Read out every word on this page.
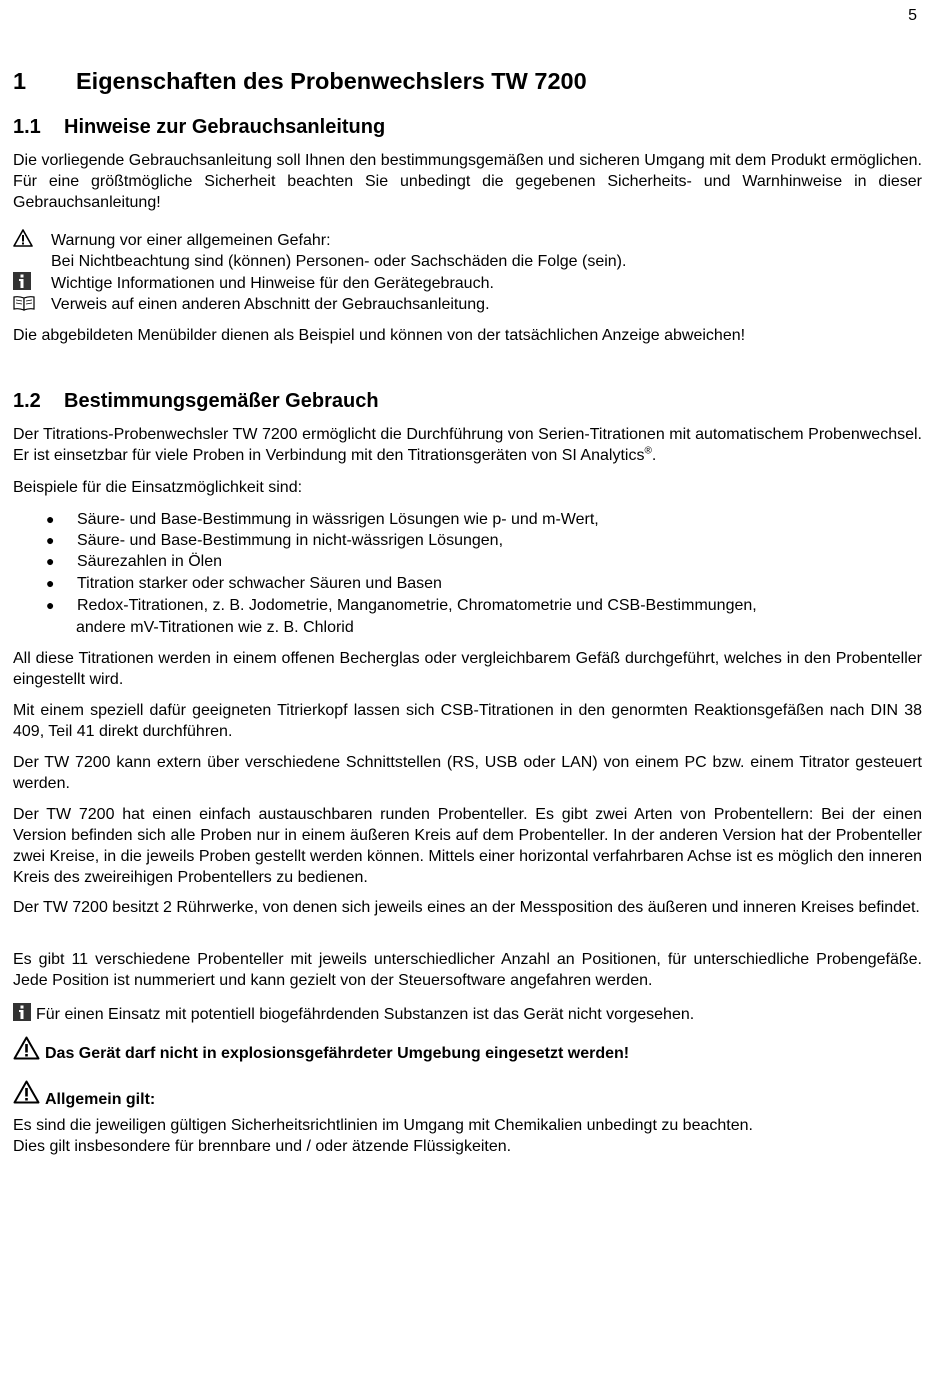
5
1 Eigenschaften des Probenwechslers TW 7200
1.1 Hinweise zur Gebrauchsanleitung

Die vorliegende Gebrauchsanleitung soll Ihnen den bestimmungsgemäßen und sicheren Umgang mit dem Produkt ermöglichen. Für eine größtmögliche Sicherheit beachten Sie unbedingt die gegebenen Sicherheits- und Warnhinweise in dieser Gebrauchsanleitung!

Warnung vor einer allgemeinen Gefahr:
Bei Nichtbeachtung sind (können) Personen- oder Sachschäden die Folge (sein).
Wichtige Informationen und Hinweise für den Gerätegebrauch.
Verweis auf einen anderen Abschnitt der Gebrauchsanleitung.
Die abgebildeten Menübilder dienen als Beispiel und können von der tatsächlichen Anzeige abweichen!
1.2 Bestimmungsgemäßer Gebrauch

Der Titrations-Probenwechsler TW 7200 ermöglicht die Durchführung von Serien-Titrationen mit automatischem Probenwechsel. Er ist einsetzbar für viele Proben in Verbindung mit den Titrationsgeräten von SI Analytics®.

Beispiele für die Einsatzmöglichkeit sind:
● Säure- und Base-Bestimmung in wässrigen Lösungen wie p- und m-Wert,
● Säure- und Base-Bestimmung in nicht-wässrigen Lösungen,
● Säurezahlen in Ölen
● Titration starker oder schwacher Säuren und Basen
● Redox-Titrationen, z. B. Jodometrie, Manganometrie, Chromatometrie und CSB-Bestimmungen,
andere mV-Titrationen wie z. B. Chlorid

All diese Titrationen werden in einem offenen Becherglas oder vergleichbarem Gefäß durchgeführt, welches in den Probenteller eingestellt wird.

Mit einem speziell dafür geeigneten Titrierkopf lassen sich CSB-Titrationen in den genormten Reaktionsgefäßen nach DIN 38 409, Teil 41 direkt durchführen.

Der TW 7200 kann extern über verschiedene Schnittstellen (RS, USB oder LAN) von einem PC bzw. einem Titrator gesteuert werden.

Der TW 7200 hat einen einfach austauschbaren runden Probenteller. Es gibt zwei Arten von Probentellern: Bei der einen Version befinden sich alle Proben nur in einem äußeren Kreis auf dem Probenteller. In der anderen Version hat der Probenteller zwei Kreise, in die jeweils Proben gestellt werden können. Mittels einer horizontal verfahrbaren Achse ist es möglich den inneren Kreis des zweireihigen Probentellers zu bedienen.

Der TW 7200 besitzt 2 Rührwerke, von denen sich jeweils eines an der Messposition des äußeren und inneren Kreises befindet.

Es gibt 11 verschiedene Probenteller mit jeweils unterschiedlicher Anzahl an Positionen, für unterschiedliche Probengefäße. Jede Position ist nummeriert und kann gezielt von der Steuersoftware angefahren werden.

Für einen Einsatz mit potentiell biogefährdenden Substanzen ist das Gerät nicht vorgesehen.
Das Gerät darf nicht in explosionsgefährdeter Umgebung eingesetzt werden!
Allgemein gilt:
Es sind die jeweiligen gültigen Sicherheitsrichtlinien im Umgang mit Chemikalien unbedingt zu beachten.
Dies gilt insbesondere für brennbare und / oder ätzende Flüssigkeiten.
